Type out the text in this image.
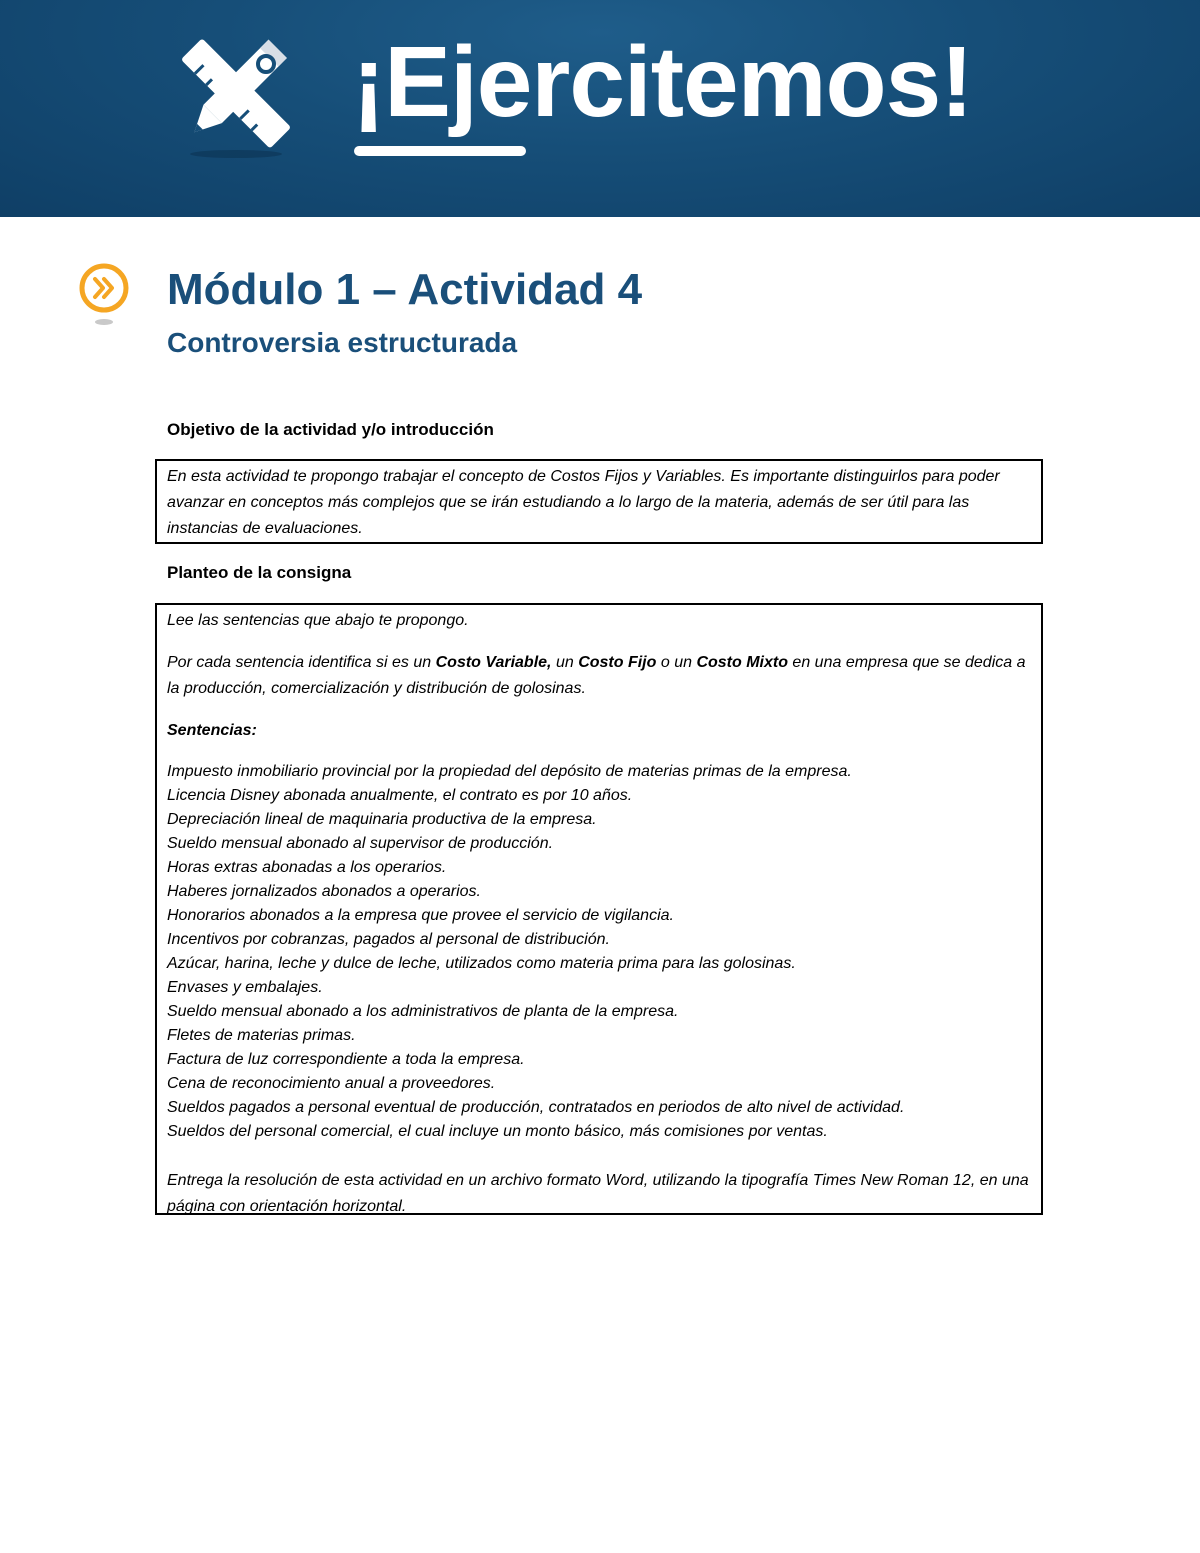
¡Ejercitemos!
Módulo 1 – Actividad 4
Controversia estructurada
Objetivo de la actividad y/o introducción

En esta actividad te propongo trabajar el concepto de Costos Fijos y Variables. Es importante distinguirlos para poder avanzar en conceptos más complejos que se irán estudiando a lo largo de la materia, además de ser útil para las instancias de evaluaciones.

Planteo de la consigna

Lee las sentencias que abajo te propongo.

Por cada sentencia identifica si es un Costo Variable, un Costo Fijo o un Costo Mixto en una empresa que se dedica a la producción, comercialización y distribución de golosinas.

Sentencias:

Impuesto inmobiliario provincial por la propiedad del depósito de materias primas de la empresa.
Licencia Disney abonada anualmente, el contrato es por 10 años.
Depreciación lineal de maquinaria productiva de la empresa.
Sueldo mensual abonado al supervisor de producción.
Horas extras abonadas a los operarios.
Haberes jornalizados abonados a operarios.
Honorarios abonados a la empresa que provee el servicio de vigilancia.
Incentivos por cobranzas, pagados al personal de distribución.
Azúcar, harina, leche y dulce de leche, utilizados como materia prima para las golosinas.
Envases y embalajes.
Sueldo mensual abonado a los administrativos de planta de la empresa.
Fletes de materias primas.
Factura de luz correspondiente a toda la empresa.
Cena de reconocimiento anual a proveedores.
Sueldos pagados a personal eventual de producción, contratados en periodos de alto nivel de actividad.
Sueldos del personal comercial, el cual incluye un monto básico, más comisiones por ventas.

Entrega la resolución de esta actividad en un archivo formato Word, utilizando la tipografía Times New Roman 12, en una página con orientación horizontal.
